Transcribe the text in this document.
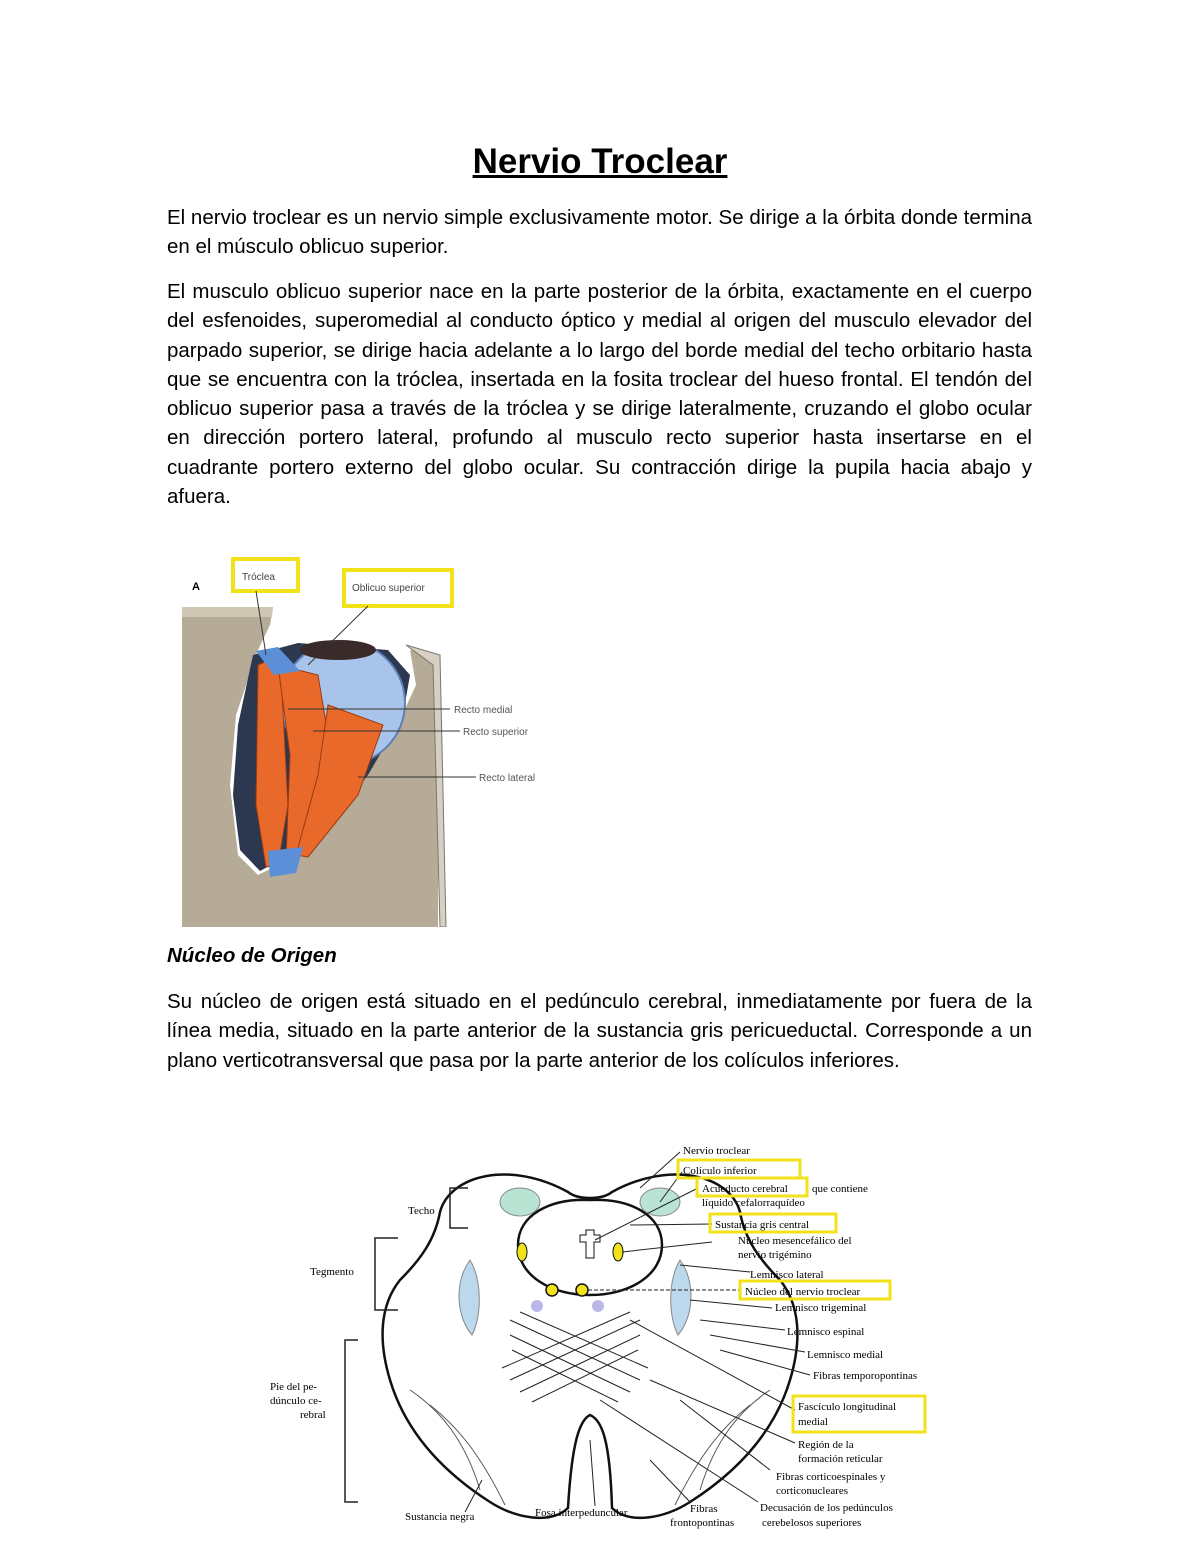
Nervio Troclear

El nervio troclear es un nervio simple exclusivamente motor. Se dirige a la órbita donde termina en el músculo oblicuo superior.

El musculo oblicuo superior nace en la parte posterior de la órbita, exactamente en el cuerpo del esfenoides, superomedial al conducto óptico y medial al origen del musculo elevador del parpado superior, se dirige hacia adelante a lo largo del borde medial del techo orbitario hasta que se encuentra con la tróclea, insertada en la fosita troclear del hueso frontal. El tendón del oblicuo superior pasa a través de la tróclea y se dirige lateralmente, cruzando el globo ocular en dirección portero lateral, profundo al musculo recto superior hasta insertarse en el cuadrante portero externo del globo ocular. Su contracción dirige la pupila hacia abajo y afuera.

A
Tróclea
Oblicuo superior
Recto medial
Recto superior
Recto lateral
Núcleo de Origen

Su núcleo de origen está situado en el pedúnculo cerebral, inmediatamente por fuera de la línea media, situado en la parte anterior de la sustancia gris pericueductal. Corresponde a un plano verticotransversal que pasa por la parte anterior de los colículos inferiores.

Techo
Tegmento
Pie del pe-
dúnculo ce-
rebral
Sustancia negra	Fosa interpeduncular	Fibras
frontopontinas
Nervio troclear
Colículo inferior
Acueducto cerebral que contiene
líquido cefalorraquídeo
Sustancia gris central
Núcleo mesencefálico del
nervio trigémino
Lemnisco lateral
Núcleo del nervio troclear
Lemnisco trigeminal
Lemnisco espinal
Lemnisco medial
Fibras temporopontinas
Fascículo longitudinal
medial
Región de la
formación reticular
Fibras corticoespinales y
corticonucleares
Decusación de los pedúnculos
cerebelosos superiores
